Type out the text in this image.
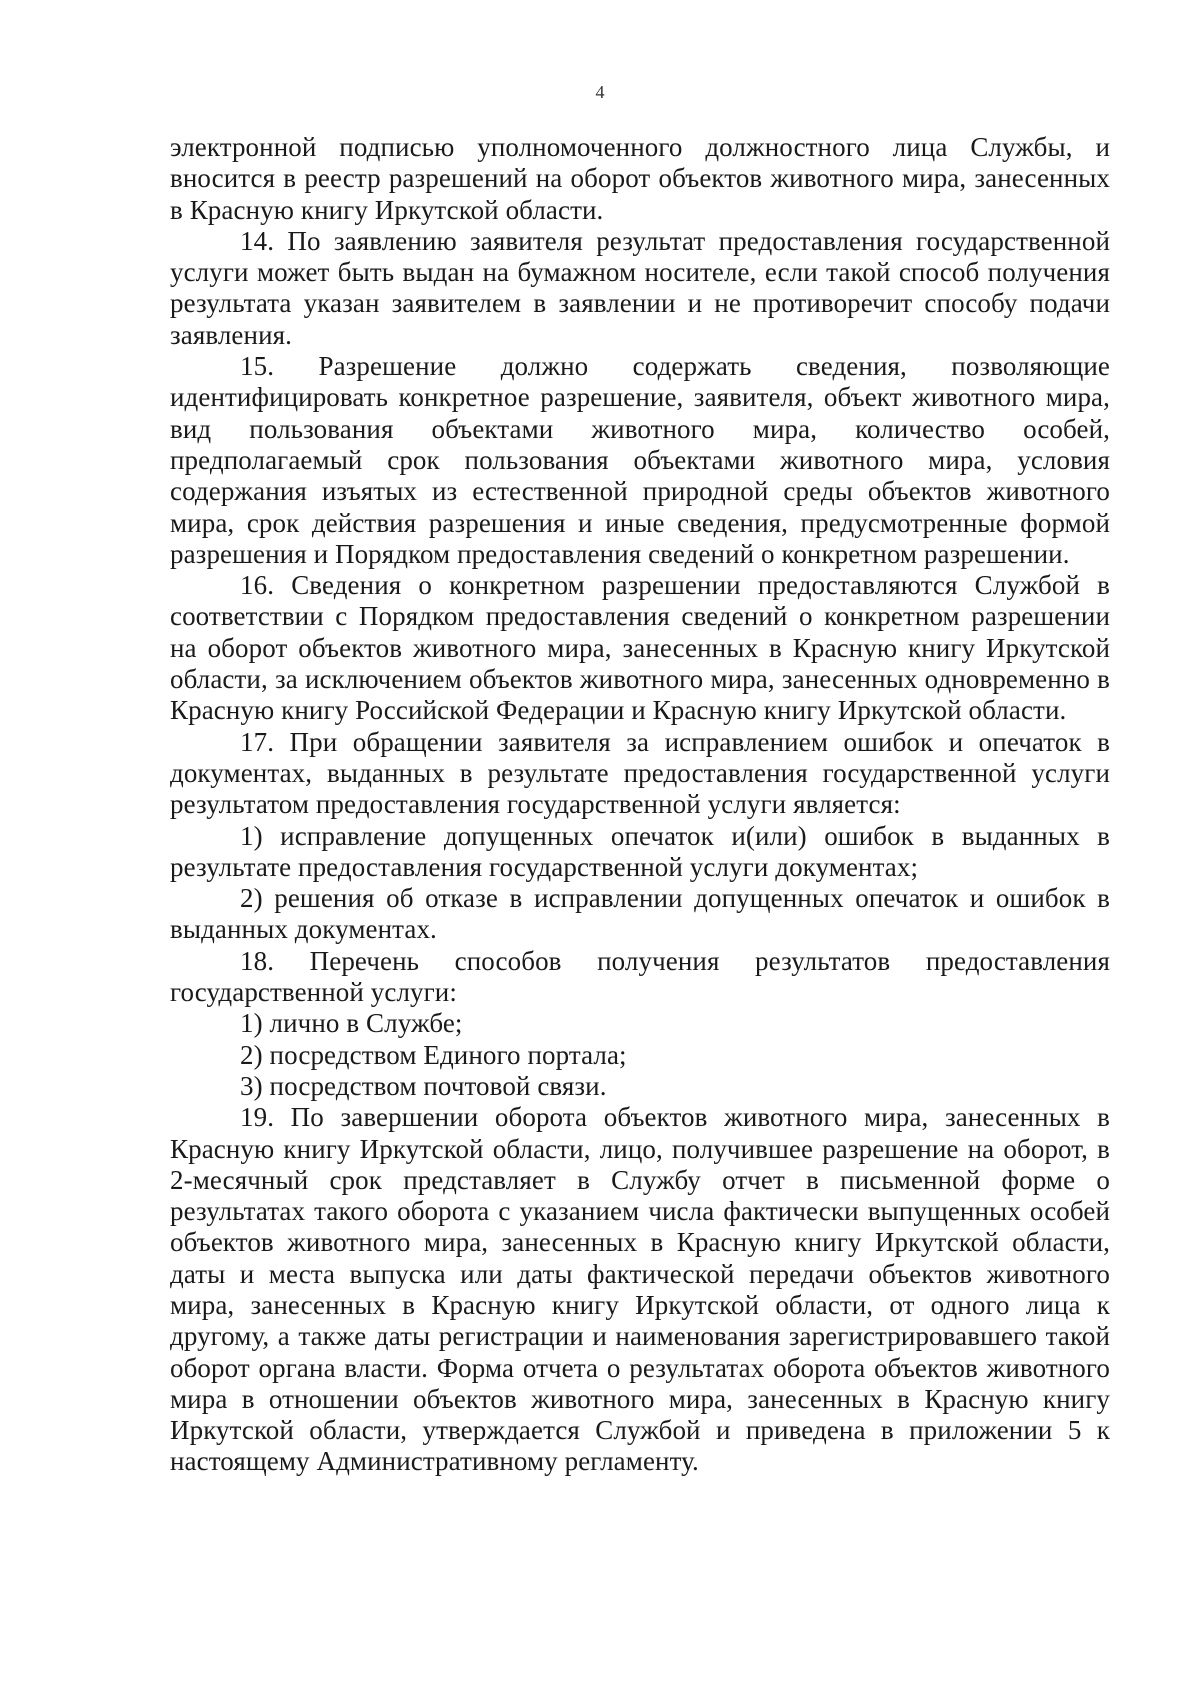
4

электронной подписью уполномоченного должностного лица Службы, и вносится в реестр разрешений на оборот объектов животного мира, занесенных в Красную книгу Иркутской области.

14. По заявлению заявителя результат предоставления государственной услуги может быть выдан на бумажном носителе, если такой способ получения результата указан заявителем в заявлении и не противоречит способу подачи заявления.

15. Разрешение должно содержать сведения, позволяющие идентифицировать конкретное разрешение, заявителя, объект животного мира, вид пользования объектами животного мира, количество особей, предполагаемый срок пользования объектами животного мира, условия содержания изъятых из естественной природной среды объектов животного мира, срок действия разрешения и иные сведения, предусмотренные формой разрешения и Порядком предоставления сведений о конкретном разрешении.

16. Сведения о конкретном разрешении предоставляются Службой в соответствии с Порядком предоставления сведений о конкретном разрешении на оборот объектов животного мира, занесенных в Красную книгу Иркутской области, за исключением объектов животного мира, занесенных одновременно в Красную книгу Российской Федерации и Красную книгу Иркутской области.

17. При обращении заявителя за исправлением ошибок и опечаток в документах, выданных в результате предоставления государственной услуги результатом предоставления государственной услуги является:

1) исправление допущенных опечаток и(или) ошибок в выданных в результате предоставления государственной услуги документах;

2) решения об отказе в исправлении допущенных опечаток и ошибок в выданных документах.

18. Перечень способов получения результатов предоставления государственной услуги:

1) лично в Службе;

2) посредством Единого портала;

3) посредством почтовой связи.

19. По завершении оборота объектов животного мира, занесенных в Красную книгу Иркутской области, лицо, получившее разрешение на оборот, в 2-месячный срок представляет в Службу отчет в письменной форме о результатах такого оборота с указанием числа фактически выпущенных особей объектов животного мира, занесенных в Красную книгу Иркутской области, даты и места выпуска или даты фактической передачи объектов животного мира, занесенных в Красную книгу Иркутской области, от одного лица к другому, а также даты регистрации и наименования зарегистрировавшего такой оборот органа власти. Форма отчета о результатах оборота объектов животного мира в отношении объектов животного мира, занесенных в Красную книгу Иркутской области, утверждается Службой и приведена в приложении 5 к настоящему Административному регламенту.
